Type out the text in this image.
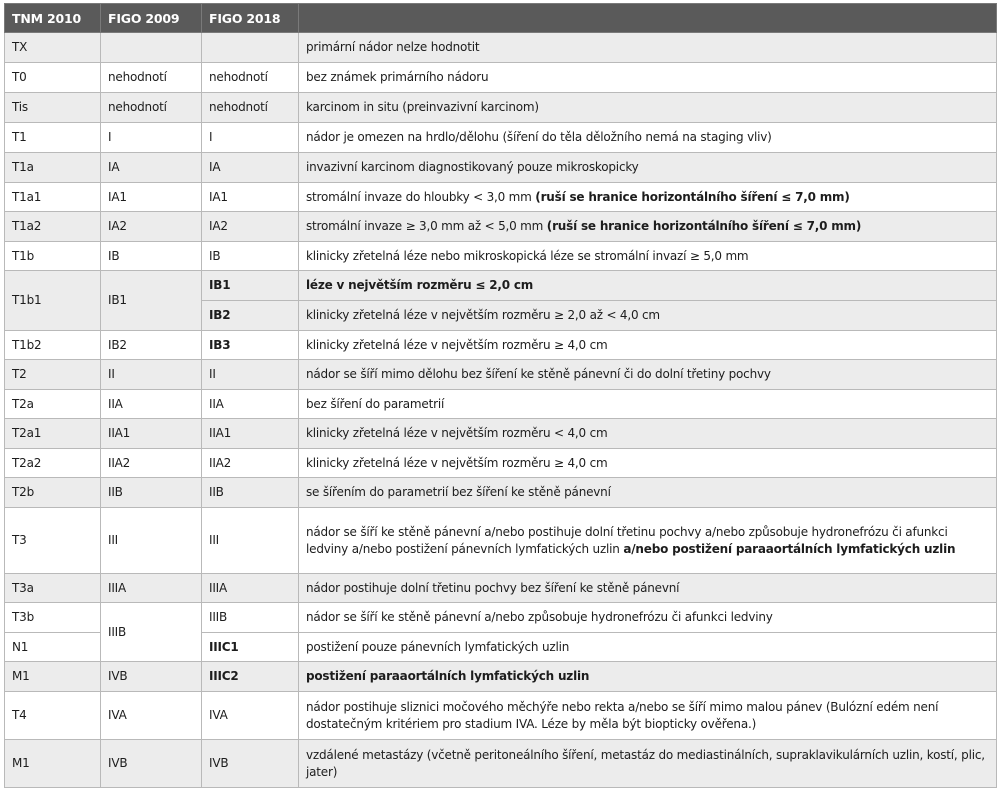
TNM 2010	FIGO 2009	FIGO 2018	
TX			primární nádor nelze hodnotit
T0	nehodnotí	nehodnotí	bez známek primárního nádoru
Tis	nehodnotí	nehodnotí	karcinom in situ (preinvazivní karcinom)
T1	I	I	nádor je omezen na hrdlo/dělohu (šíření do těla děložního nemá na staging vliv)
T1a	IA	IA	invazivní karcinom diagnostikovaný pouze mikroskopicky
T1a1	IA1	IA1	stromální invaze do hloubky < 3,0 mm (ruší se hranice horizontálního šíření ≤ 7,0 mm)
T1a2	IA2	IA2	stromální invaze ≥ 3,0 mm až < 5,0 mm (ruší se hranice horizontálního šíření ≤ 7,0 mm)
T1b	IB	IB	klinicky zřetelná léze nebo mikroskopická léze se stromální invazí ≥ 5,0 mm
T1b1	IB1	IB1	léze v největším rozměru ≤ 2,0 cm
		IB2	klinicky zřetelná léze v největším rozměru ≥ 2,0 až < 4,0 cm
T1b2	IB2	IB3	klinicky zřetelná léze v největším rozměru ≥ 4,0 cm
T2	II	II	nádor se šíří mimo dělohu bez šíření ke stěně pánevní či do dolní třetiny pochvy
T2a	IIA	IIA	bez šíření do parametrií
T2a1	IIA1	IIA1	klinicky zřetelná léze v největším rozměru < 4,0 cm
T2a2	IIA2	IIA2	klinicky zřetelná léze v největším rozměru ≥ 4,0 cm
T2b	IIB	IIB	se šířením do parametrií bez šíření ke stěně pánevní
T3	III	III	nádor se šíří ke stěně pánevní a/nebo postihuje dolní třetinu pochvy a/nebo způsobuje hydronefrózu či afunkci ledviny a/nebo postižení pánevních lymfatických uzlin a/nebo postižení paraaortálních lymfatických uzlin
T3a	IIIA	IIIA	nádor postihuje dolní třetinu pochvy bez šíření ke stěně pánevní
T3b	IIIB	IIIB	nádor se šíří ke stěně pánevní a/nebo způsobuje hydronefrózu či afunkci ledviny
N1		IIIC1	postižení pouze pánevních lymfatických uzlin
M1	IVB	IIIC2	postižení paraaortálních lymfatických uzlin
T4	IVA	IVA	nádor postihuje sliznici močového měchýře nebo rekta a/nebo se šíří mimo malou pánev (Bulózní edém není dostatečným kritériem pro stadium IVA. Léze by měla být biopticky ověřena.)
M1	IVB	IVB	vzdálené metastázy (včetně peritoneálního šíření, metastáz do mediastinálních, supraklavikulárních uzlin, kostí, plic, jater)
